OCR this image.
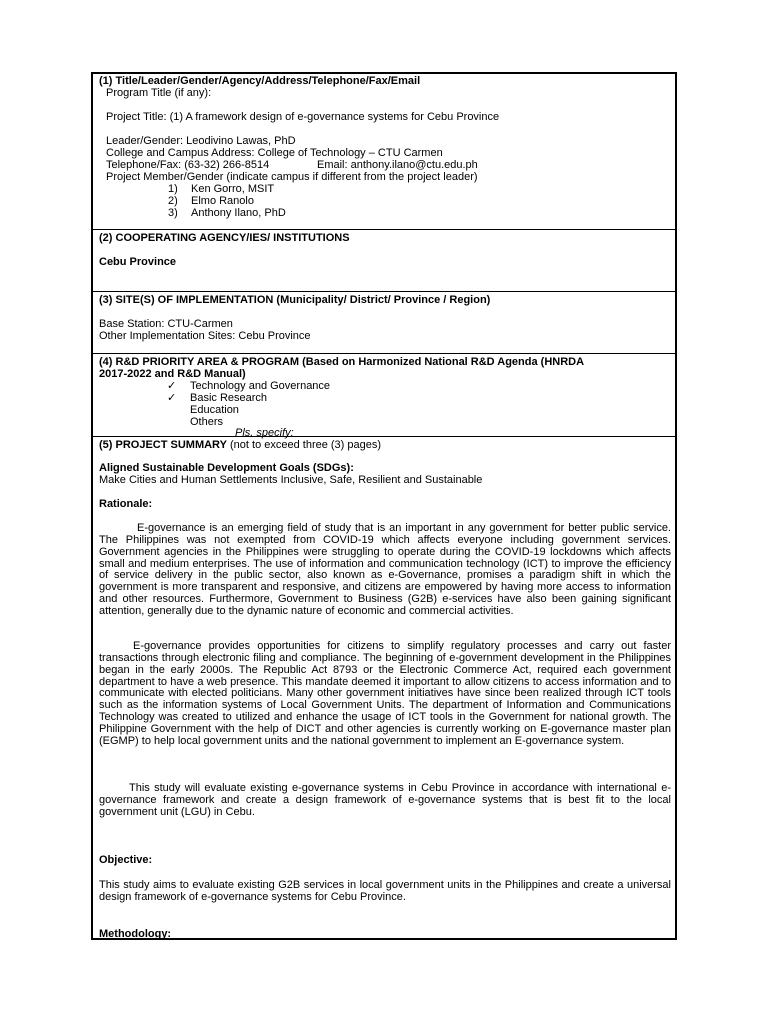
(1) Title/Leader/Gender/Agency/Address/Telephone/Fax/Email
Program Title (if any):
Project Title: (1) A framework design of e-governance systems for Cebu Province
Leader/Gender: Leodivino Lawas, PhD
College and Campus Address: College of Technology – CTU Carmen
Telephone/Fax: (63-32) 266-8514	Email: anthony.ilano@ctu.edu.ph
Project Member/Gender (indicate campus if different from the project leader)
1) Ken Gorro, MSIT
2) Elmo Ranolo
3) Anthony Ilano, PhD
(2) COOPERATING AGENCY/IES/ INSTITUTIONS
Cebu Province
(3) SITE(S) OF IMPLEMENTATION (Municipality/ District/ Province / Region)
Base Station: CTU-Carmen
Other Implementation Sites: Cebu Province
(4) R&D PRIORITY AREA & PROGRAM (Based on Harmonized National R&D Agenda (HNRDA
2017-2022 and R&D Manual)
✓ Technology and Governance
✓ Basic Research
Education
Others
Pls. specify:
(5) PROJECT SUMMARY (not to exceed three (3) pages)
Aligned Sustainable Development Goals (SDGs):
Make Cities and Human Settlements Inclusive, Safe, Resilient and Sustainable
Rationale:
E-governance is an emerging field of study that is an important in any government for better public service. The Philippines was not exempted from COVID-19 which affects everyone including government services. Government agencies in the Philippines were struggling to operate during the COVID-19 lockdowns which affects small and medium enterprises. The use of information and communication technology (ICT) to improve the efficiency of service delivery in the public sector, also known as e-Governance, promises a paradigm shift in which the government is more transparent and responsive, and citizens are empowered by having more access to information and other resources. Furthermore, Government to Business (G2B) e-services have also been gaining significant attention, generally due to the dynamic nature of economic and commercial activities.
E-governance provides opportunities for citizens to simplify regulatory processes and carry out faster transactions through electronic filing and compliance. The beginning of e-government development in the Philippines began in the early 2000s. The Republic Act 8793 or the Electronic Commerce Act, required each government department to have a web presence. This mandate deemed it important to allow citizens to access information and to communicate with elected politicians. Many other government initiatives have since been realized through ICT tools such as the information systems of Local Government Units. The department of Information and Communications Technology was created to utilized and enhance the usage of ICT tools in the Government for national growth. The Philippine Government with the help of DICT and other agencies is currently working on E-governance master plan (EGMP) to help local government units and the national government to implement an E-governance system.
This study will evaluate existing e-governance systems in Cebu Province in accordance with international e-governance framework and create a design framework of e-governance systems that is best fit to the local government unit (LGU) in Cebu.
Objective:
This study aims to evaluate existing G2B services in local government units in the Philippines and create a universal design framework of e-governance systems for Cebu Province.
Methodology:
